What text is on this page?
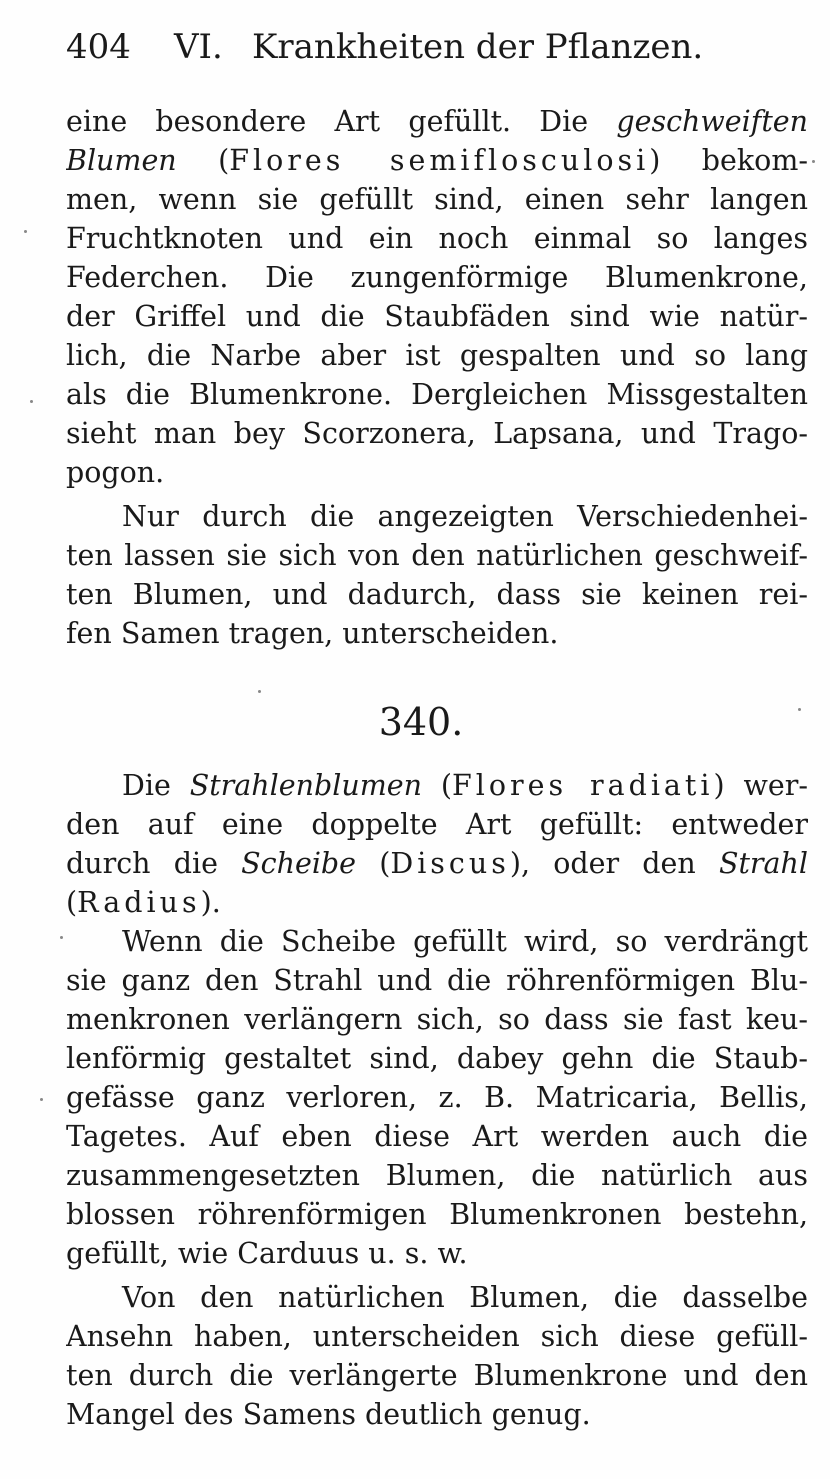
404 VI. Krankheiten der Pflanzen.
eine besondere Art gefüllt. Die geschweiften
Blumen (Flores semiflosculosi) bekom-
men, wenn sie gefüllt sind, einen sehr langen
Fruchtknoten und ein noch einmal so langes
Federchen. Die zungenförmige Blumenkrone,
der Griffel und die Staubfäden sind wie natür-
lich, die Narbe aber ist gespalten und so lang
als die Blumenkrone. Dergleichen Missgestalten
sieht man bey Scorzonera, Lapsana, und Trago-
pogon.
Nur durch die angezeigten Verschiedenhei-
ten lassen sie sich von den natürlichen geschweif-
ten Blumen, und dadurch, dass sie keinen rei-
fen Samen tragen, unterscheiden.
340.
Die Strahlenblumen (Flores radiati) wer-
den auf eine doppelte Art gefüllt: entweder
durch die Scheibe (Discus), oder den Strahl
(Radius).
Wenn die Scheibe gefüllt wird, so verdrängt
sie ganz den Strahl und die röhrenförmigen Blu-
menkronen verlängern sich, so dass sie fast keu-
lenförmig gestaltet sind, dabey gehn die Staub-
gefässe ganz verloren, z. B. Matricaria, Bellis,
Tagetes. Auf eben diese Art werden auch die
zusammengesetzten Blumen, die natürlich aus
blossen röhrenförmigen Blumenkronen bestehn,
gefüllt, wie Carduus u. s. w.
Von den natürlichen Blumen, die dasselbe
Ansehn haben, unterscheiden sich diese gefüll-
ten durch die verlängerte Blumenkrone und den
Mangel des Samens deutlich genug.
